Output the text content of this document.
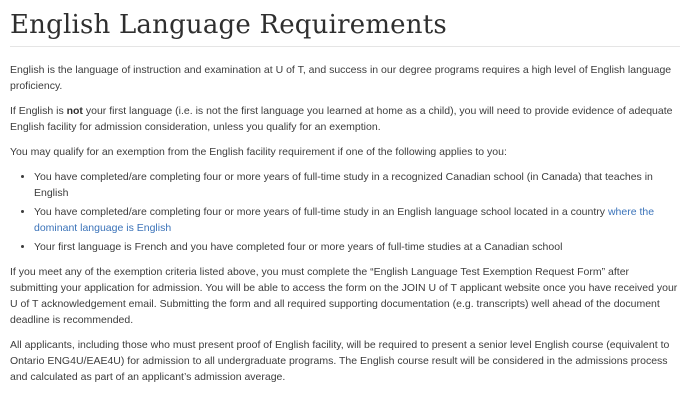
English Language Requirements

English is the language of instruction and examination at U of T, and success in our degree programs requires a high level of English language proficiency.

If English is not your first language (i.e. is not the first language you learned at home as a child), you will need to provide evidence of adequate English facility for admission consideration, unless you qualify for an exemption.

You may qualify for an exemption from the English facility requirement if one of the following applies to you:

• You have completed/are completing four or more years of full-time study in a recognized Canadian school (in Canada) that teaches in English
• You have completed/are completing four or more years of full-time study in an English language school located in a country where the dominant language is English
• Your first language is French and you have completed four or more years of full-time studies at a Canadian school

If you meet any of the exemption criteria listed above, you must complete the “English Language Test Exemption Request Form” after submitting your application for admission. You will be able to access the form on the JOIN U of T applicant website once you have received your U of T acknowledgement email. Submitting the form and all required supporting documentation (e.g. transcripts) well ahead of the document deadline is recommended.

All applicants, including those who must present proof of English facility, will be required to present a senior level English course (equivalent to Ontario ENG4U/EAE4U) for admission to all undergraduate programs. The English course result will be considered in the admissions process and calculated as part of an applicant’s admission average.
